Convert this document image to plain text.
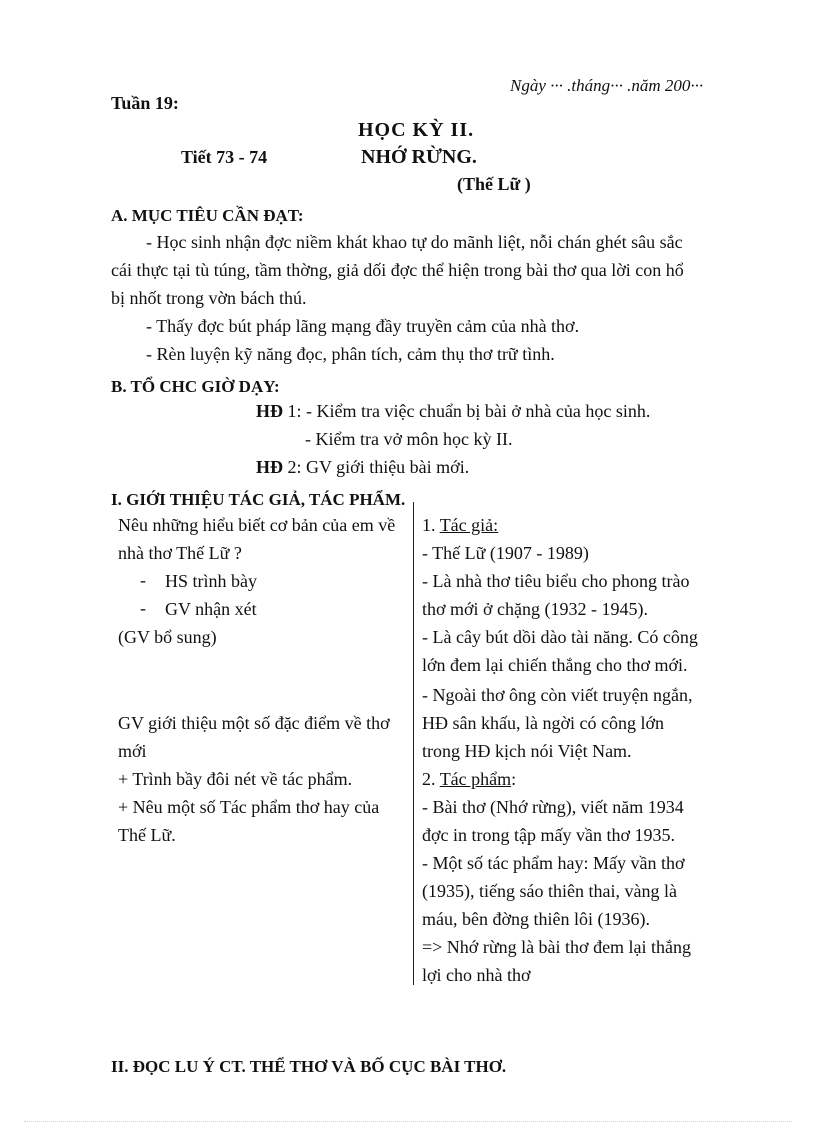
Ngày ··· .tháng··· .năm 200···
Tuần 19:
HỌC KỲ II.
Tiết 73 - 74	NHỚ RỪNG.
(Thế Lữ )
A. MỤC TIÊU CẦN ĐẠT:
- Học sinh nhận đợc niềm khát khao tự do mãnh liệt, nỗi chán ghét sâu sắc
cái thực tại tù túng, tầm thờng, giả dối đợc thể hiện trong bài thơ qua lời con hổ
bị nhốt trong vờn bách thú.
- Thấy đợc bút pháp lãng mạng đầy truyền cảm của nhà thơ.
- Rèn luyện kỹ năng đọc, phân tích, cảm thụ thơ trữ tình.
B. TỔ CHC GIỜ DẠY:
HĐ 1: - Kiểm tra việc chuẩn bị bài ở nhà của học sinh.
- Kiểm tra vở môn học kỳ II.
HĐ 2: GV giới thiệu bài mới.
I. GIỚI THIỆU TÁC GIẢ, TÁC PHẨM.
Nêu những hiểu biết cơ bản của em về
nhà thơ Thế Lữ ?
- HS trình bày
- GV nhận xét
(GV bổ sung)
GV giới thiệu một số đặc điểm về thơ
mới
+ Trình bầy đôi nét về tác phẩm.
+ Nêu một số Tác phẩm thơ hay của
Thế Lữ.
1. Tác giả:
- Thế Lữ (1907 - 1989)
- Là nhà thơ tiêu biểu cho phong trào
thơ mới ở chặng (1932 - 1945).
- Là cây bút dồi dào tài năng. Có công
lớn đem lại chiến thắng cho thơ mới.
- Ngoài thơ ông còn viết truyện ngắn,
HĐ sân khấu, là ngời có công lớn
trong HĐ kịch nói Việt Nam.
2. Tác phẩm:
- Bài thơ (Nhớ rừng), viết năm 1934
đợc in trong tập mấy vần thơ 1935.
- Một số tác phẩm hay: Mấy vần thơ
(1935), tiếng sáo thiên thai, vàng là
máu, bên đờng thiên lôi (1936).
=> Nhớ rừng là bài thơ đem lại thắng
lợi cho nhà thơ
II. ĐỌC LU Ý CT. THỂ THƠ VÀ BỐ CỤC BÀI THƠ.
